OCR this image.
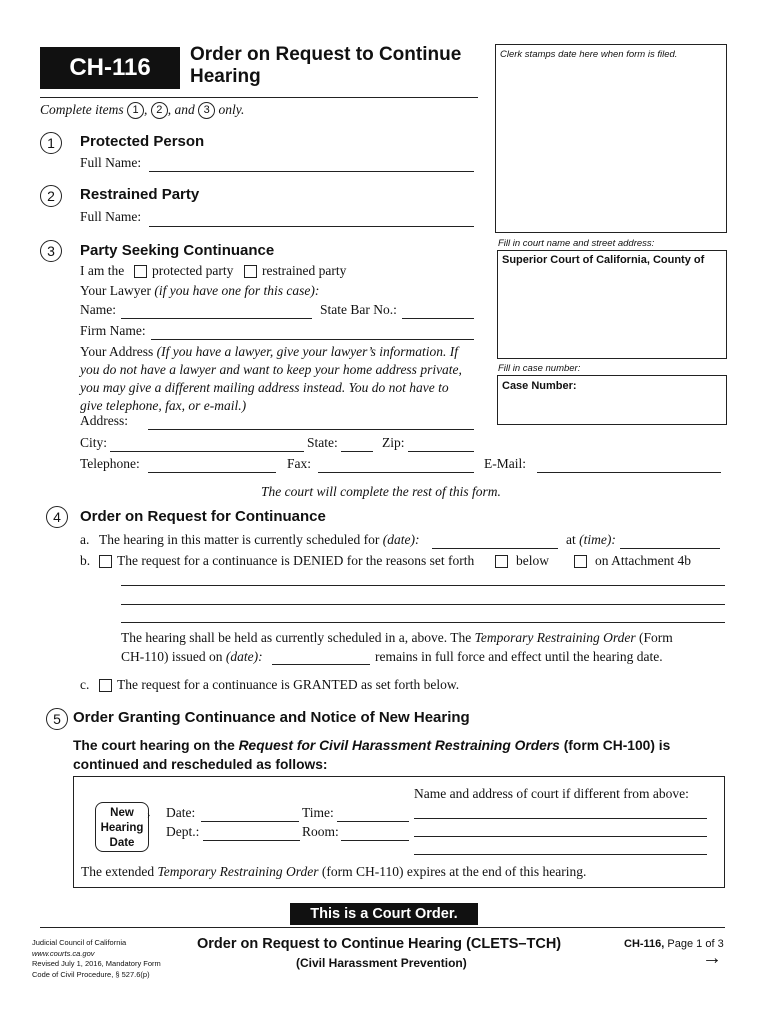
CH-116	Order on Request to Continue
Hearing
Clerk stamps date here when form is filed.
Complete items 1 , 2 , and 3 only.
1	Protected Person
Full Name:
2	Restrained Party
Full Name:
3	Party Seeking Continuance
I am the protected party restrained party
Your Lawyer (if you have one for this case):
Name:	State Bar No.:
Firm Name:
Your Address (If you have a lawyer, give your lawyer’s information. If
you do not have a lawyer and want to keep your home address private,
you may give a different mailing address instead. You do not have to
give telephone, fax, or e-mail.)
Address:
City:	State:	Zip:
Telephone:	Fax:	E-Mail:
Fill in court name and street address:
Superior Court of California, County of
Fill in case number:
Case Number:
The court will complete the rest of this form.
4	Order on Request for Continuance
a. The hearing in this matter is currently scheduled for (date):	at (time):
b. The request for a continuance is DENIED for the reasons set forth	below	on Attachment 4b
The hearing shall be held as currently scheduled in a, above. The Temporary Restraining Order (Form
CH-110) issued on (date):	remains in full force and effect until the hearing date.
c. The request for a continuance is GRANTED as set forth below.
5 Order Granting Continuance and Notice of New Hearing
The court hearing on the Request for Civil Harassment Restraining Orders (form CH-100) is
continued and rescheduled as follows:
New
Hearing
Date
› Date:	Time:
Dept.:	Room:
Name and address of court if different from above:
The extended Temporary Restraining Order (form CH-110) expires at the end of this hearing.
This is a Court Order.
Judicial Council of California
www.courts.ca.gov
Revised July 1, 2016, Mandatory Form
Code of Civil Procedure, § 527.6(p)
Order on Request to Continue Hearing (CLETS–TCH)
(Civil Harassment Prevention)
CH-116, Page 1 of 3
→
